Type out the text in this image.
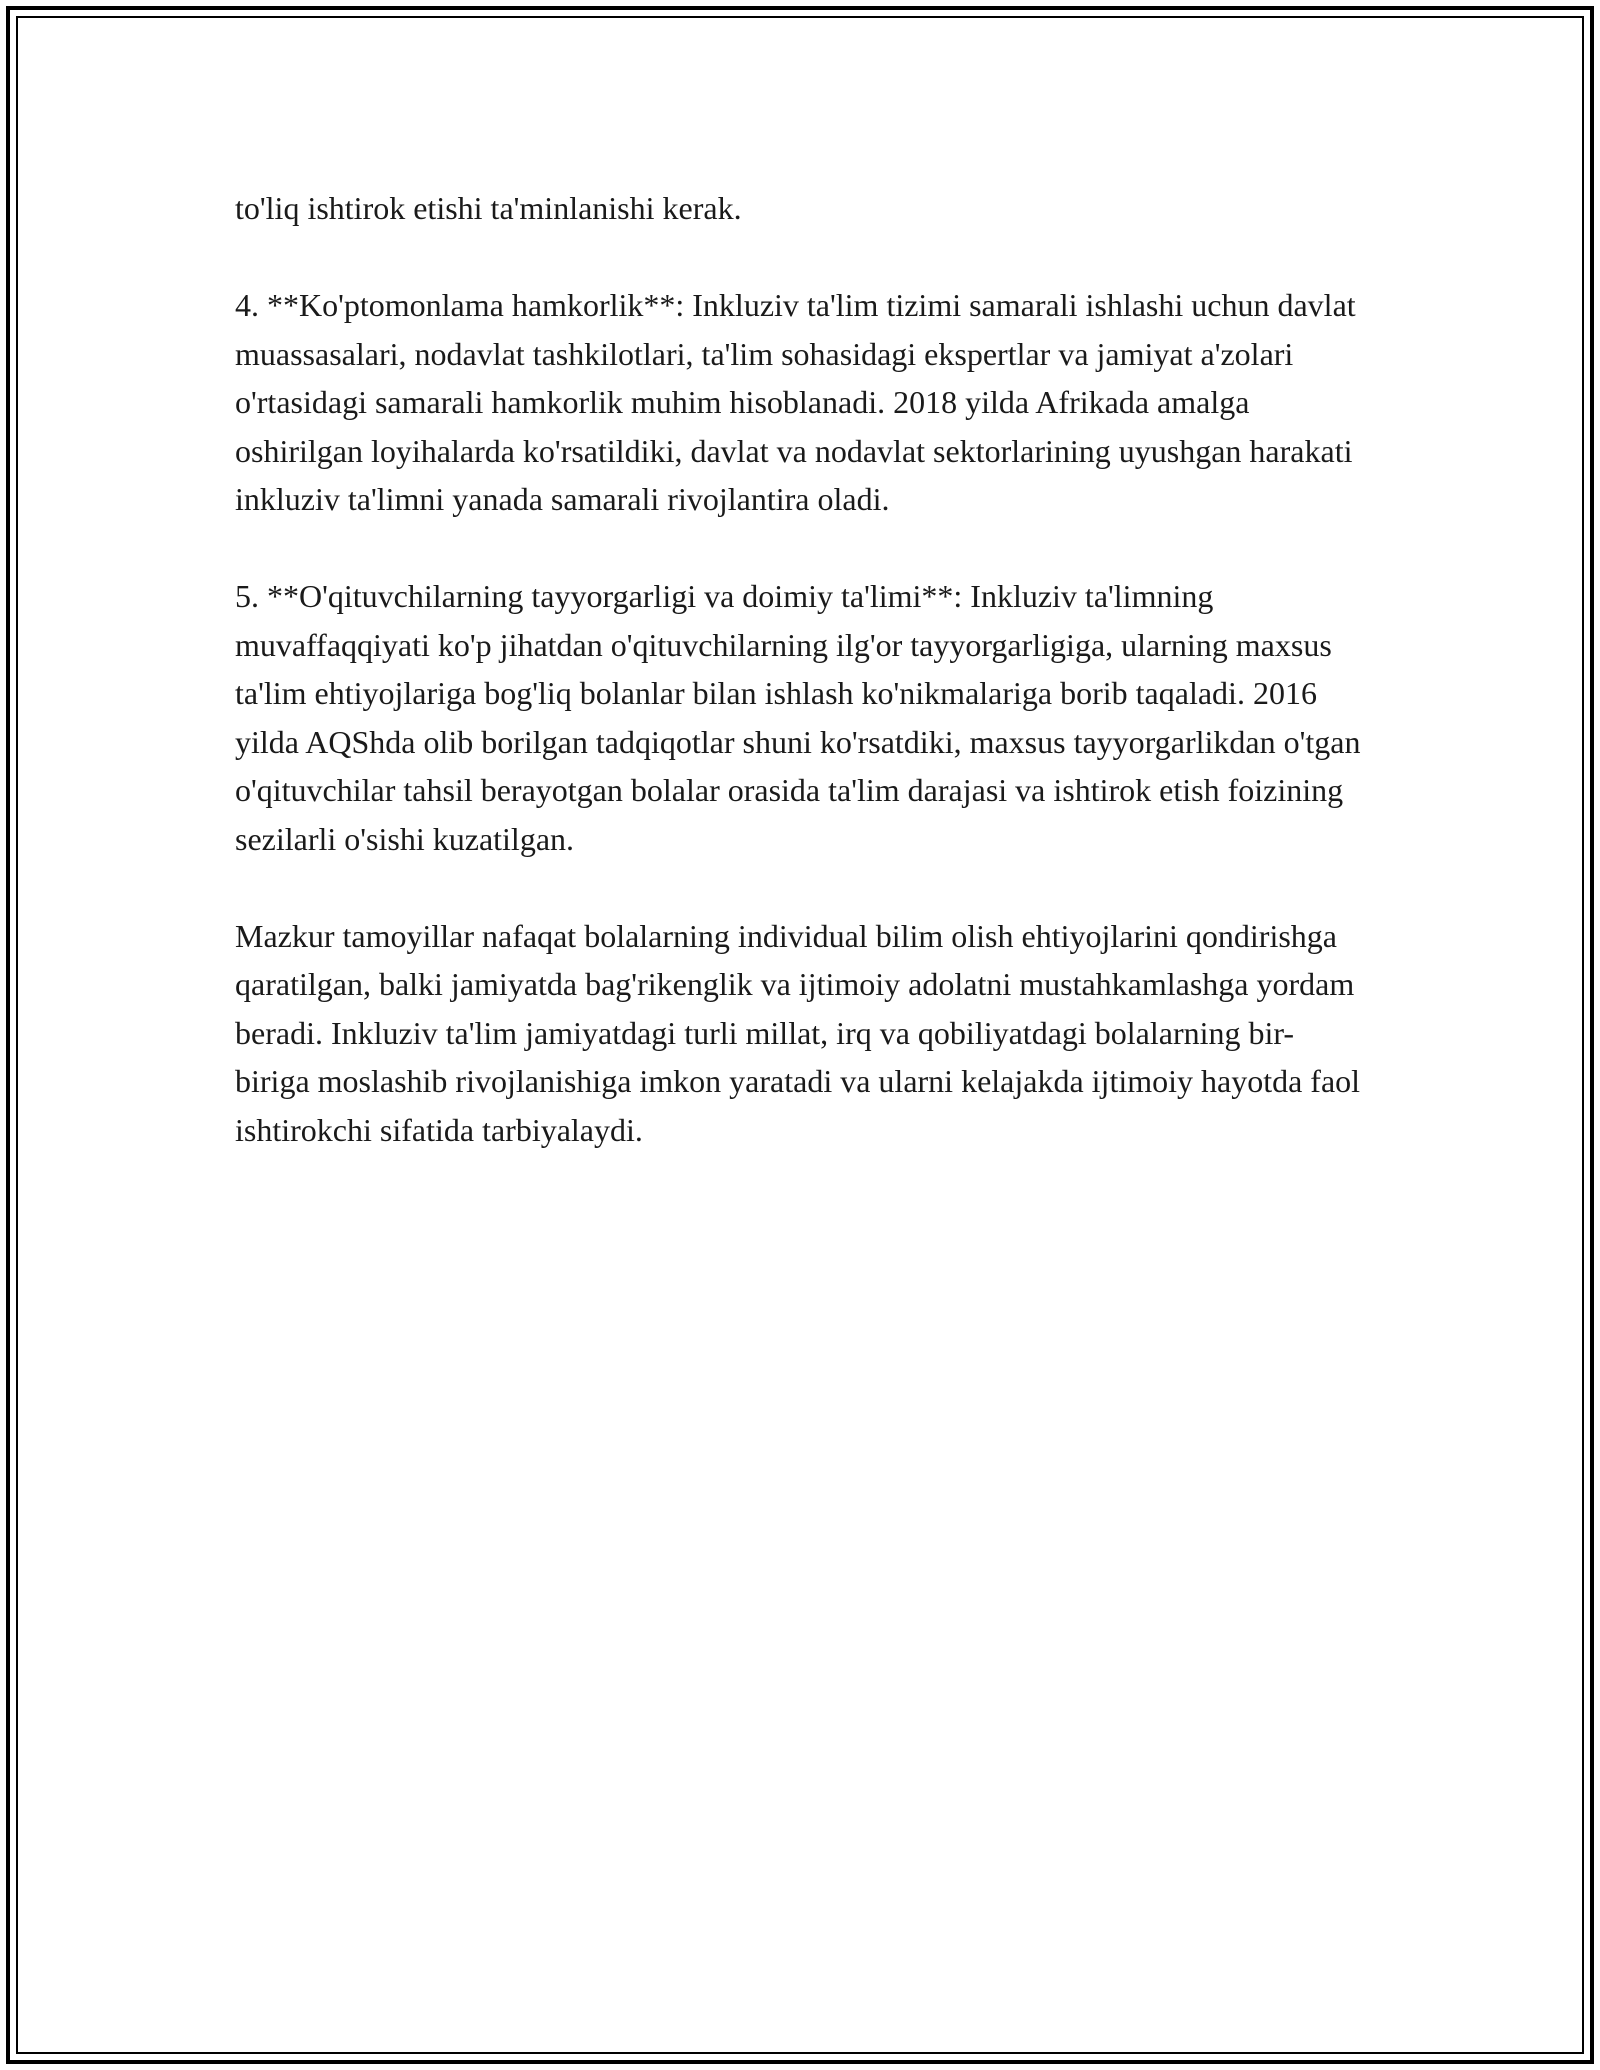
to'liq ishtirok etishi ta'minlanishi kerak.

4. **Ko'ptomonlama hamkorlik**: Inkluziv ta'lim tizimi samarali ishlashi uchun davlat muassasalari, nodavlat tashkilotlari, ta'lim sohasidagi ekspertlar va jamiyat a'zolari o'rtasidagi samarali hamkorlik muhim hisoblanadi. 2018 yilda Afrikada amalga oshirilgan loyihalarda ko'rsatildiki, davlat va nodavlat sektorlarining uyushgan harakati inkluziv ta'limni yanada samarali rivojlantira oladi.

5. **O'qituvchilarning tayyorgarligi va doimiy ta'limi**: Inkluziv ta'limning muvaffaqqiyati ko'p jihatdan o'qituvchilarning ilg'or tayyorgarligiga, ularning maxsus ta'lim ehtiyojlariga bog'liq bolanlar bilan ishlash ko'nikmalariga borib taqaladi. 2016 yilda AQShda olib borilgan tadqiqotlar shuni ko'rsatdiki, maxsus tayyorgarlikdan o'tgan o'qituvchilar tahsil berayotgan bolalar orasida ta'lim darajasi va ishtirok etish foizining sezilarli o'sishi kuzatilgan.

Mazkur tamoyillar nafaqat bolalarning individual bilim olish ehtiyojlarini qondirishga qaratilgan, balki jamiyatda bag'rikenglik va ijtimoiy adolatni mustahkamlashga yordam beradi. Inkluziv ta'lim jamiyatdagi turli millat, irq va qobiliyatdagi bolalarning bir-biriga moslashib rivojlanishiga imkon yaratadi va ularni kelajakda ijtimoiy hayotda faol ishtirokchi sifatida tarbiyalaydi.
